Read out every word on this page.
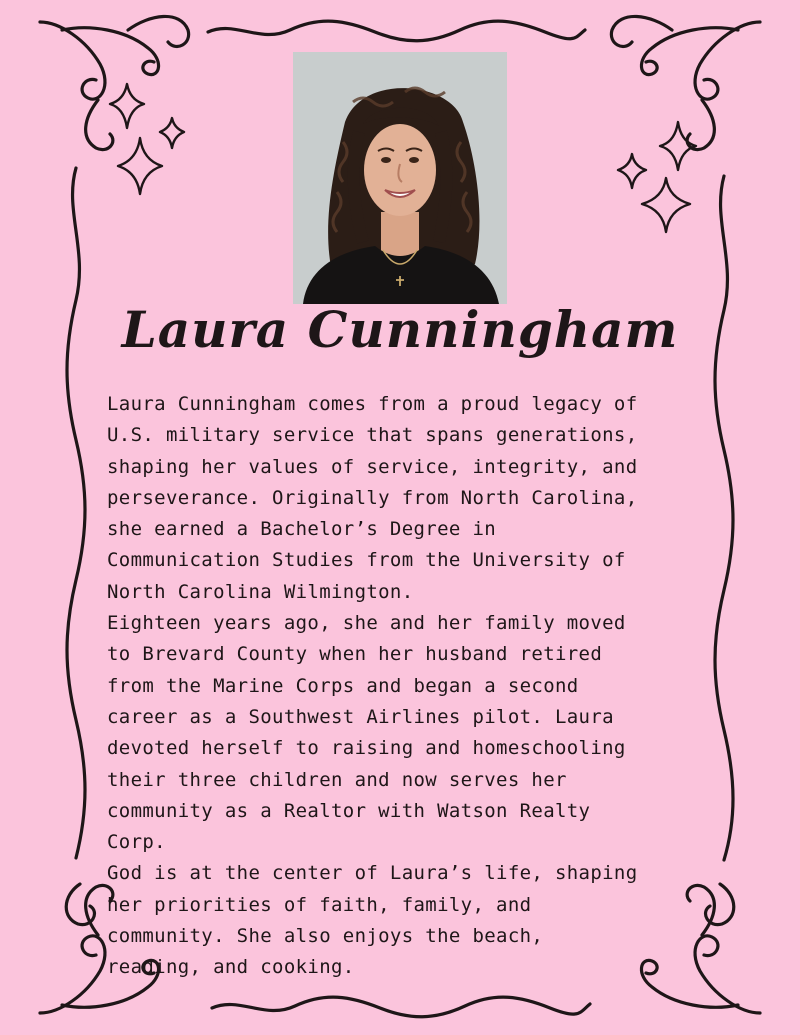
Laura Cunningham

Laura Cunningham comes from a proud legacy of
U.S. military service that spans generations,
shaping her values of service, integrity, and
perseverance. Originally from North Carolina,
she earned a Bachelor’s Degree in
Communication Studies from the University of
North Carolina Wilmington.

Eighteen years ago, she and her family moved
to Brevard County when her husband retired
from the Marine Corps and began a second
career as a Southwest Airlines pilot. Laura
devoted herself to raising and homeschooling
their three children and now serves her
community as a Realtor with Watson Realty
Corp.

God is at the center of Laura’s life, shaping
her priorities of faith, family, and
community. She also enjoys the beach,
reading, and cooking.
